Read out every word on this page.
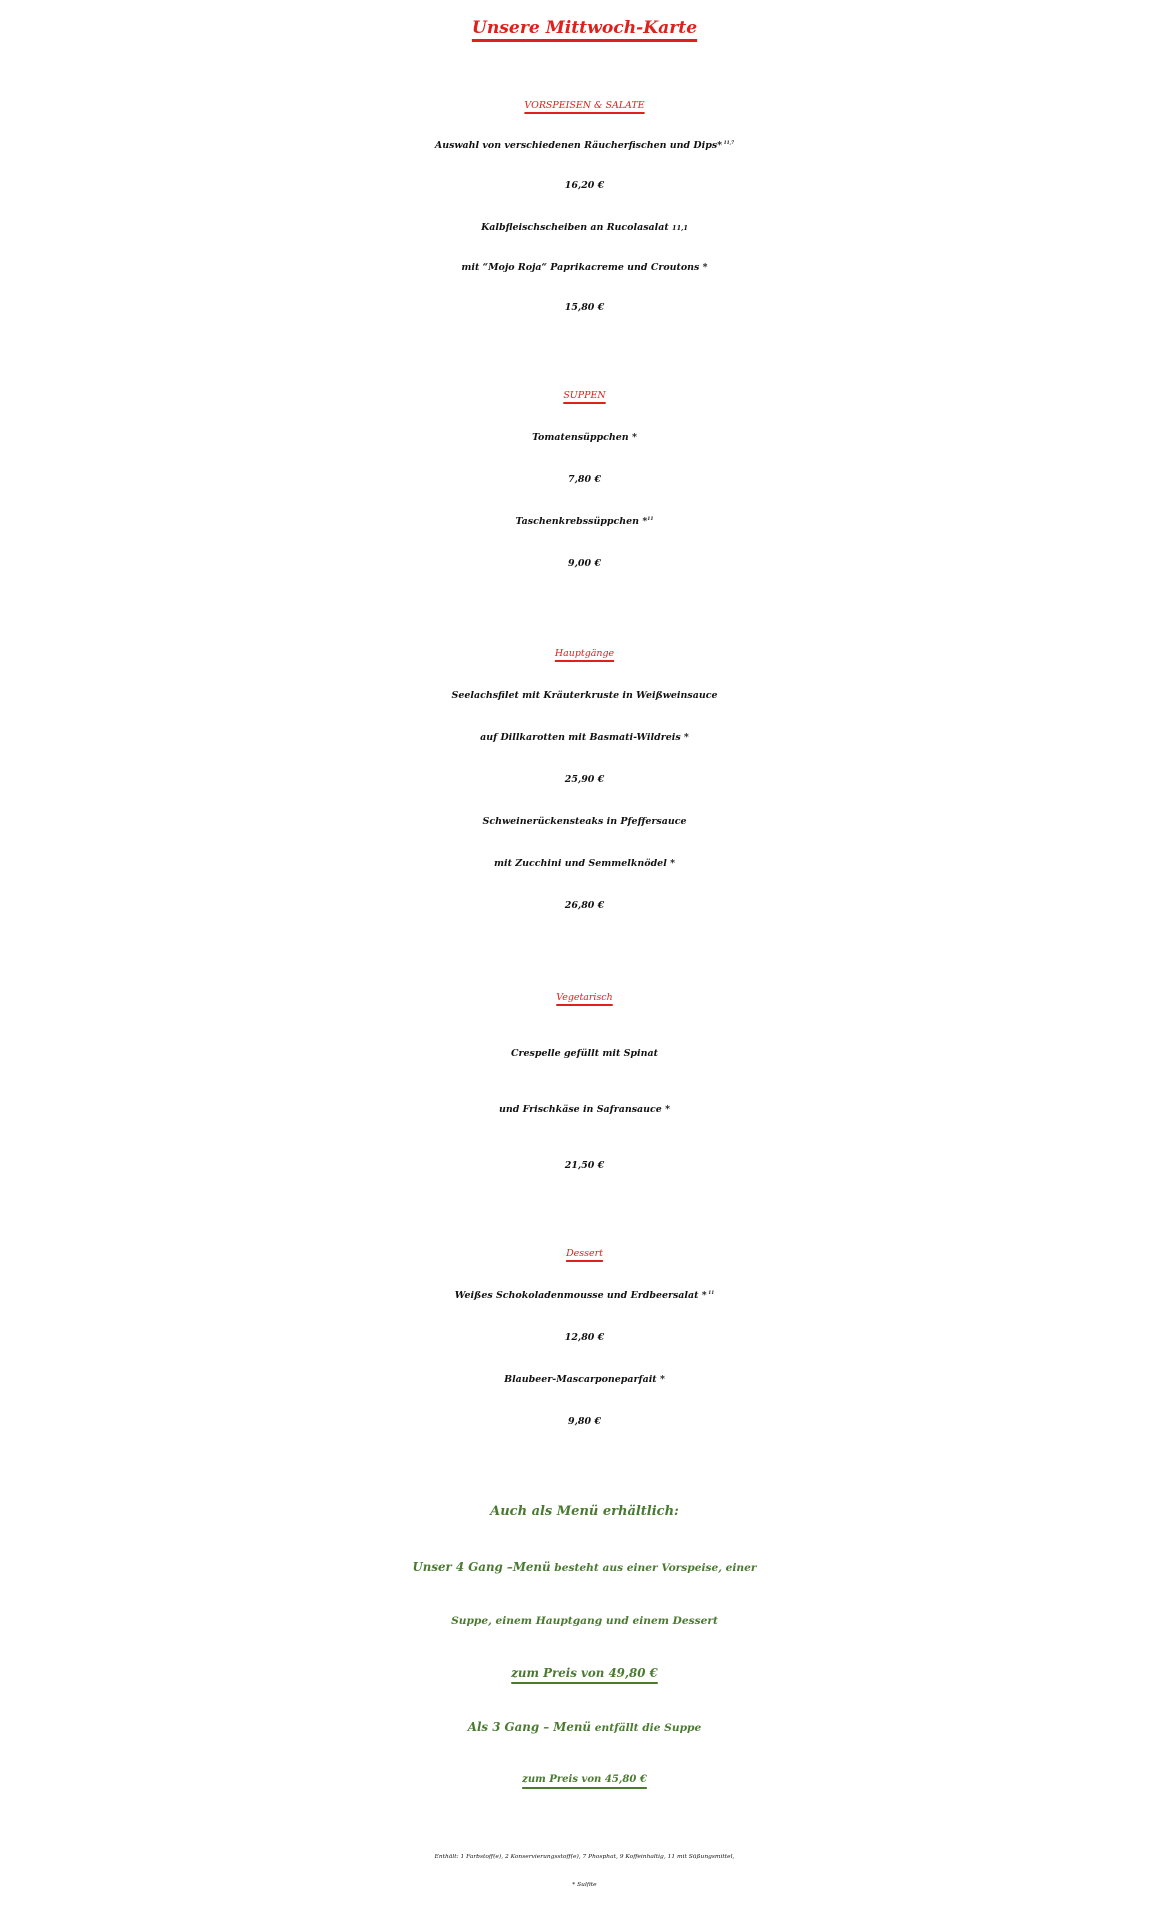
Unsere Mittwoch-Karte
VORSPEISEN & SALATE
Auswahl von verschiedenen Räucherfischen und Dips* $^{11,7}$
16,20 €
Kalbfleischscheiben an Rucolasalat 11,1
mit “Mojo Roja“ Paprikacreme und Croutons *
15,80 €
SUPPEN
Tomatensüppchen *
7,80 €
Taschenkrebssüppchen *$^{11}$
9,00 €
Hauptgänge
Seelachsfilet mit Kräuterkruste in Weißweinsauce
auf Dillkarotten mit Basmati-Wildreis *
25,90 €
Schweinerückensteaks in Pfeffersauce
mit Zucchini und Semmelknödel *
26,80 €
Vegetarisch
Crespelle gefüllt mit Spinat
und Frischkäse in Safransauce *
21,50 €
Dessert
Weißes Schokoladenmousse und Erdbeersalat * $^{11}$
12,80 €
Blaubeer-Mascarponeparfait *
9,80 €
Auch als Menü erhältlich:
Unser 4 Gang –Menü besteht aus einer Vorspeise, einer
Suppe, einem Hauptgang und einem Dessert
zum Preis von 49,80 €
Als 3 Gang – Menü entfällt die Suppe
zum Preis von 45,80 €
Enthält: 1 Farbstoff(e), 2 Konservierungsstoff(e), 7 Phosphat, 9 Koffeinhaltig, 11 mit Süßungsmittel,
* Sulfite
